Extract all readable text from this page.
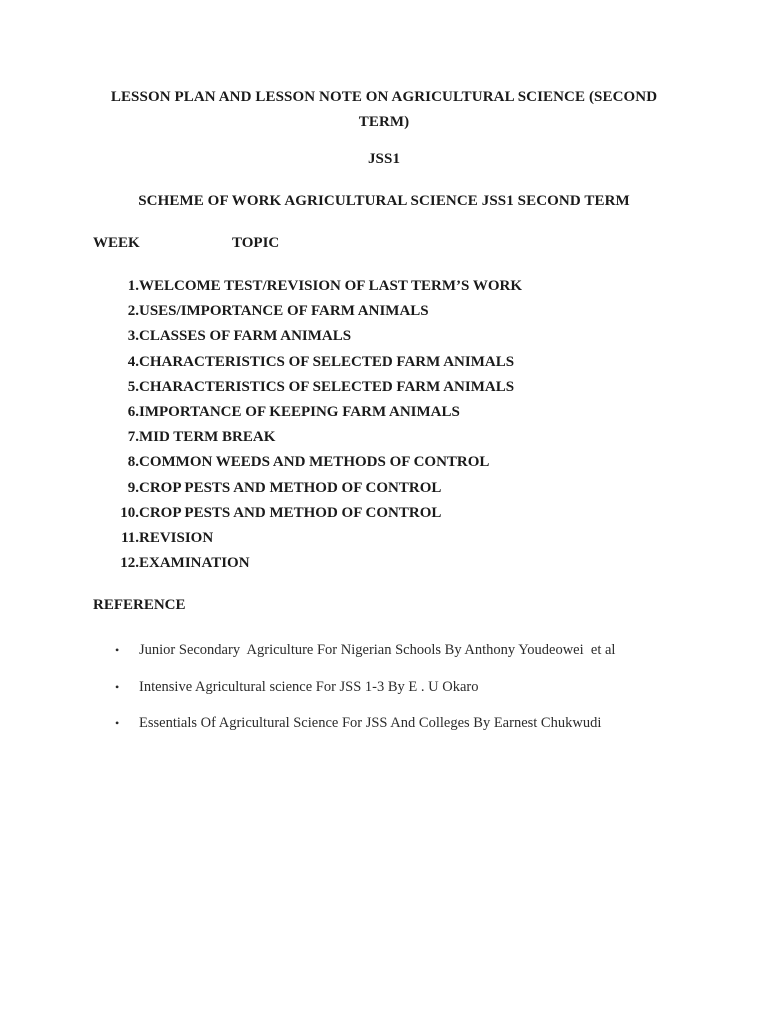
LESSON PLAN AND LESSON NOTE ON AGRICULTURAL SCIENCE (SECOND
TERM)
JSS1
SCHEME OF WORK AGRICULTURAL SCIENCE JSS1 SECOND TERM
WEEK	TOPIC
1. WELCOME TEST/REVISION OF LAST TERM’S WORK
2. USES/IMPORTANCE OF FARM ANIMALS
3. CLASSES OF FARM ANIMALS
4. CHARACTERISTICS OF SELECTED FARM ANIMALS
5. CHARACTERISTICS OF SELECTED FARM ANIMALS
6. IMPORTANCE OF KEEPING FARM ANIMALS
7. MID TERM BREAK
8. COMMON WEEDS AND METHODS OF CONTROL
9. CROP PESTS AND METHOD OF CONTROL
10. CROP PESTS AND METHOD OF CONTROL
11. REVISION
12. EXAMINATION
REFERENCE
• Junior Secondary  Agriculture For Nigerian Schools By Anthony Youdeowei  et al
• Intensive Agricultural science For JSS 1-3 By E . U Okaro
• Essentials Of Agricultural Science For JSS And Colleges By Earnest Chukwudi
